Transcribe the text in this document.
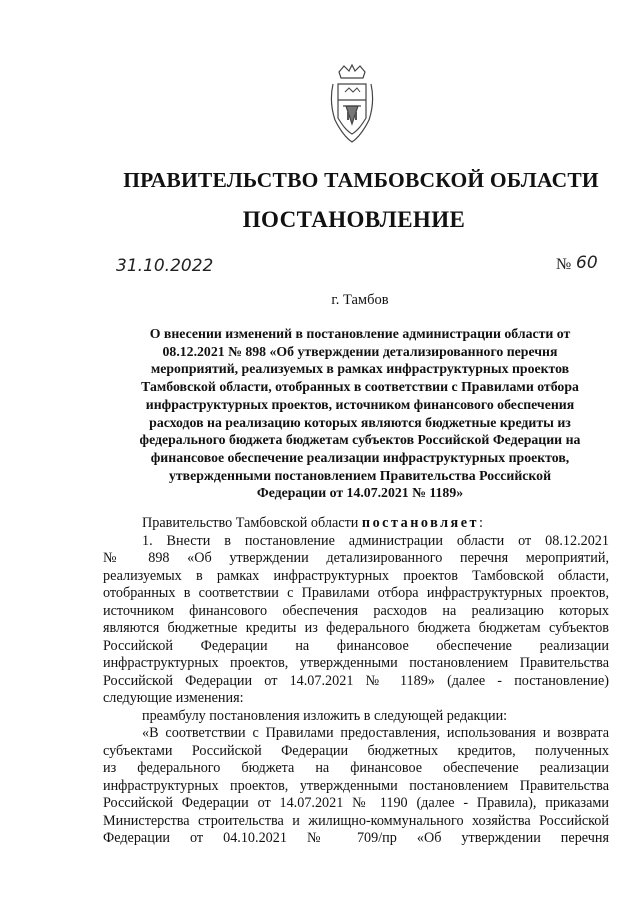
ПРАВИТЕЛЬСТВО ТАМБОВСКОЙ ОБЛАСТИ
ПОСТАНОВЛЕНИЕ
31.10.2022	№ 60
г. Тамбов
О внесении изменений в постановление администрации области от
08.12.2021 № 898 «Об утверждении детализированного перечня
мероприятий, реализуемых в рамках инфраструктурных проектов
Тамбовской области, отобранных в соответствии с Правилами отбора
инфраструктурных проектов, источником финансового обеспечения
расходов на реализацию которых являются бюджетные кредиты из
федерального бюджета бюджетам субъектов Российской Федерации на
финансовое обеспечение реализации инфраструктурных проектов,
утвержденными постановлением Правительства Российской
Федерации от 14.07.2021 № 1189»
Правительство Тамбовской области постановляет:
1. Внести в постановление администрации области от 08.12.2021
№ 898 «Об утверждении детализированного перечня мероприятий,
реализуемых в рамках инфраструктурных проектов Тамбовской области,
отобранных в соответствии с Правилами отбора инфраструктурных проектов,
источником финансового обеспечения расходов на реализацию которых
являются бюджетные кредиты из федерального бюджета бюджетам субъектов
Российской Федерации на финансовое обеспечение реализации
инфраструктурных проектов, утвержденными постановлением Правительства
Российской Федерации от 14.07.2021 № 1189» (далее - постановление)
следующие изменения:
преамбулу постановления изложить в следующей редакции:
«В соответствии с Правилами предоставления, использования и возврата
субъектами Российской Федерации бюджетных кредитов, полученных
из федерального бюджета на финансовое обеспечение реализации
инфраструктурных проектов, утвержденными постановлением Правительства
Российской Федерации от 14.07.2021 № 1190 (далее - Правила), приказами
Министерства строительства и жилищно-коммунального хозяйства Российской
Федерации от 04.10.2021 № 709/пр «Об утверждении перечня
